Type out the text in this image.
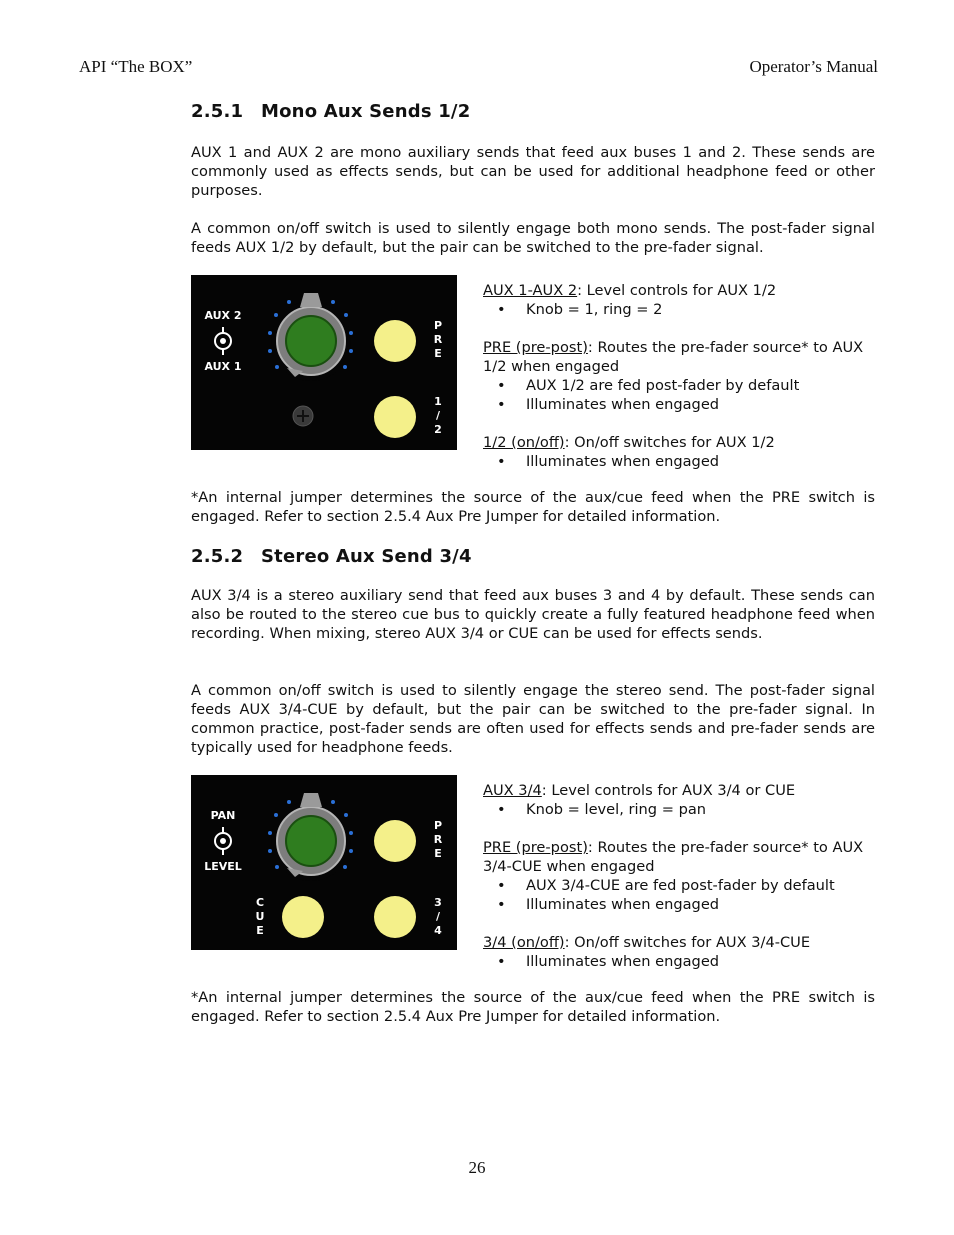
API “The BOX”	Operator’s Manual
2.5.1 Mono Aux Sends 1/2

AUX 1 and AUX 2 are mono auxiliary sends that feed aux buses 1 and 2. These sends are commonly used as effects sends, but can be used for additional headphone feed or other purposes.

A common on/off switch is used to silently engage both mono sends. The post-fader signal feeds AUX 1/2 by default, but the pair can be switched to the pre-fader signal.

AUX 2
AUX 1
P
R
E
1
/
2

AUX 1-AUX 2: Level controls for AUX 1/2

• Knob = 1, ring = 2

PRE (pre-post): Routes the pre-fader source* to AUX 1/2 when engaged

• AUX 1/2 are fed post-fader by default
• Illuminates when engaged

1/2 (on/off): On/off switches for AUX 1/2

• Illuminates when engaged

*An internal jumper determines the source of the aux/cue feed when the PRE switch is engaged. Refer to section 2.5.4 Aux Pre Jumper for detailed information.

2.5.2 Stereo Aux Send 3/4

AUX 3/4 is a stereo auxiliary send that feed aux buses 3 and 4 by default. These sends can also be routed to the stereo cue bus to quickly create a fully featured headphone feed when recording. When mixing, stereo AUX 3/4 or CUE can be used for effects sends.

A common on/off switch is used to silently engage the stereo send. The post-fader signal feeds AUX 3/4-CUE by default, but the pair can be switched to the pre-fader signal. In common practice, post-fader sends are often used for effects sends and pre-fader sends are typically used for headphone feeds.

PAN
LEVEL
C
U
E
P
R
E
3
/
4

AUX 3/4: Level controls for AUX 3/4 or CUE

• Knob = level, ring = pan

PRE (pre-post): Routes the pre-fader source* to AUX 3/4-CUE when engaged

• AUX 3/4-CUE are fed post-fader by default
• Illuminates when engaged

3/4 (on/off): On/off switches for AUX 3/4-CUE

• Illuminates when engaged

*An internal jumper determines the source of the aux/cue feed when the PRE switch is engaged. Refer to section 2.5.4 Aux Pre Jumper for detailed information.

26
